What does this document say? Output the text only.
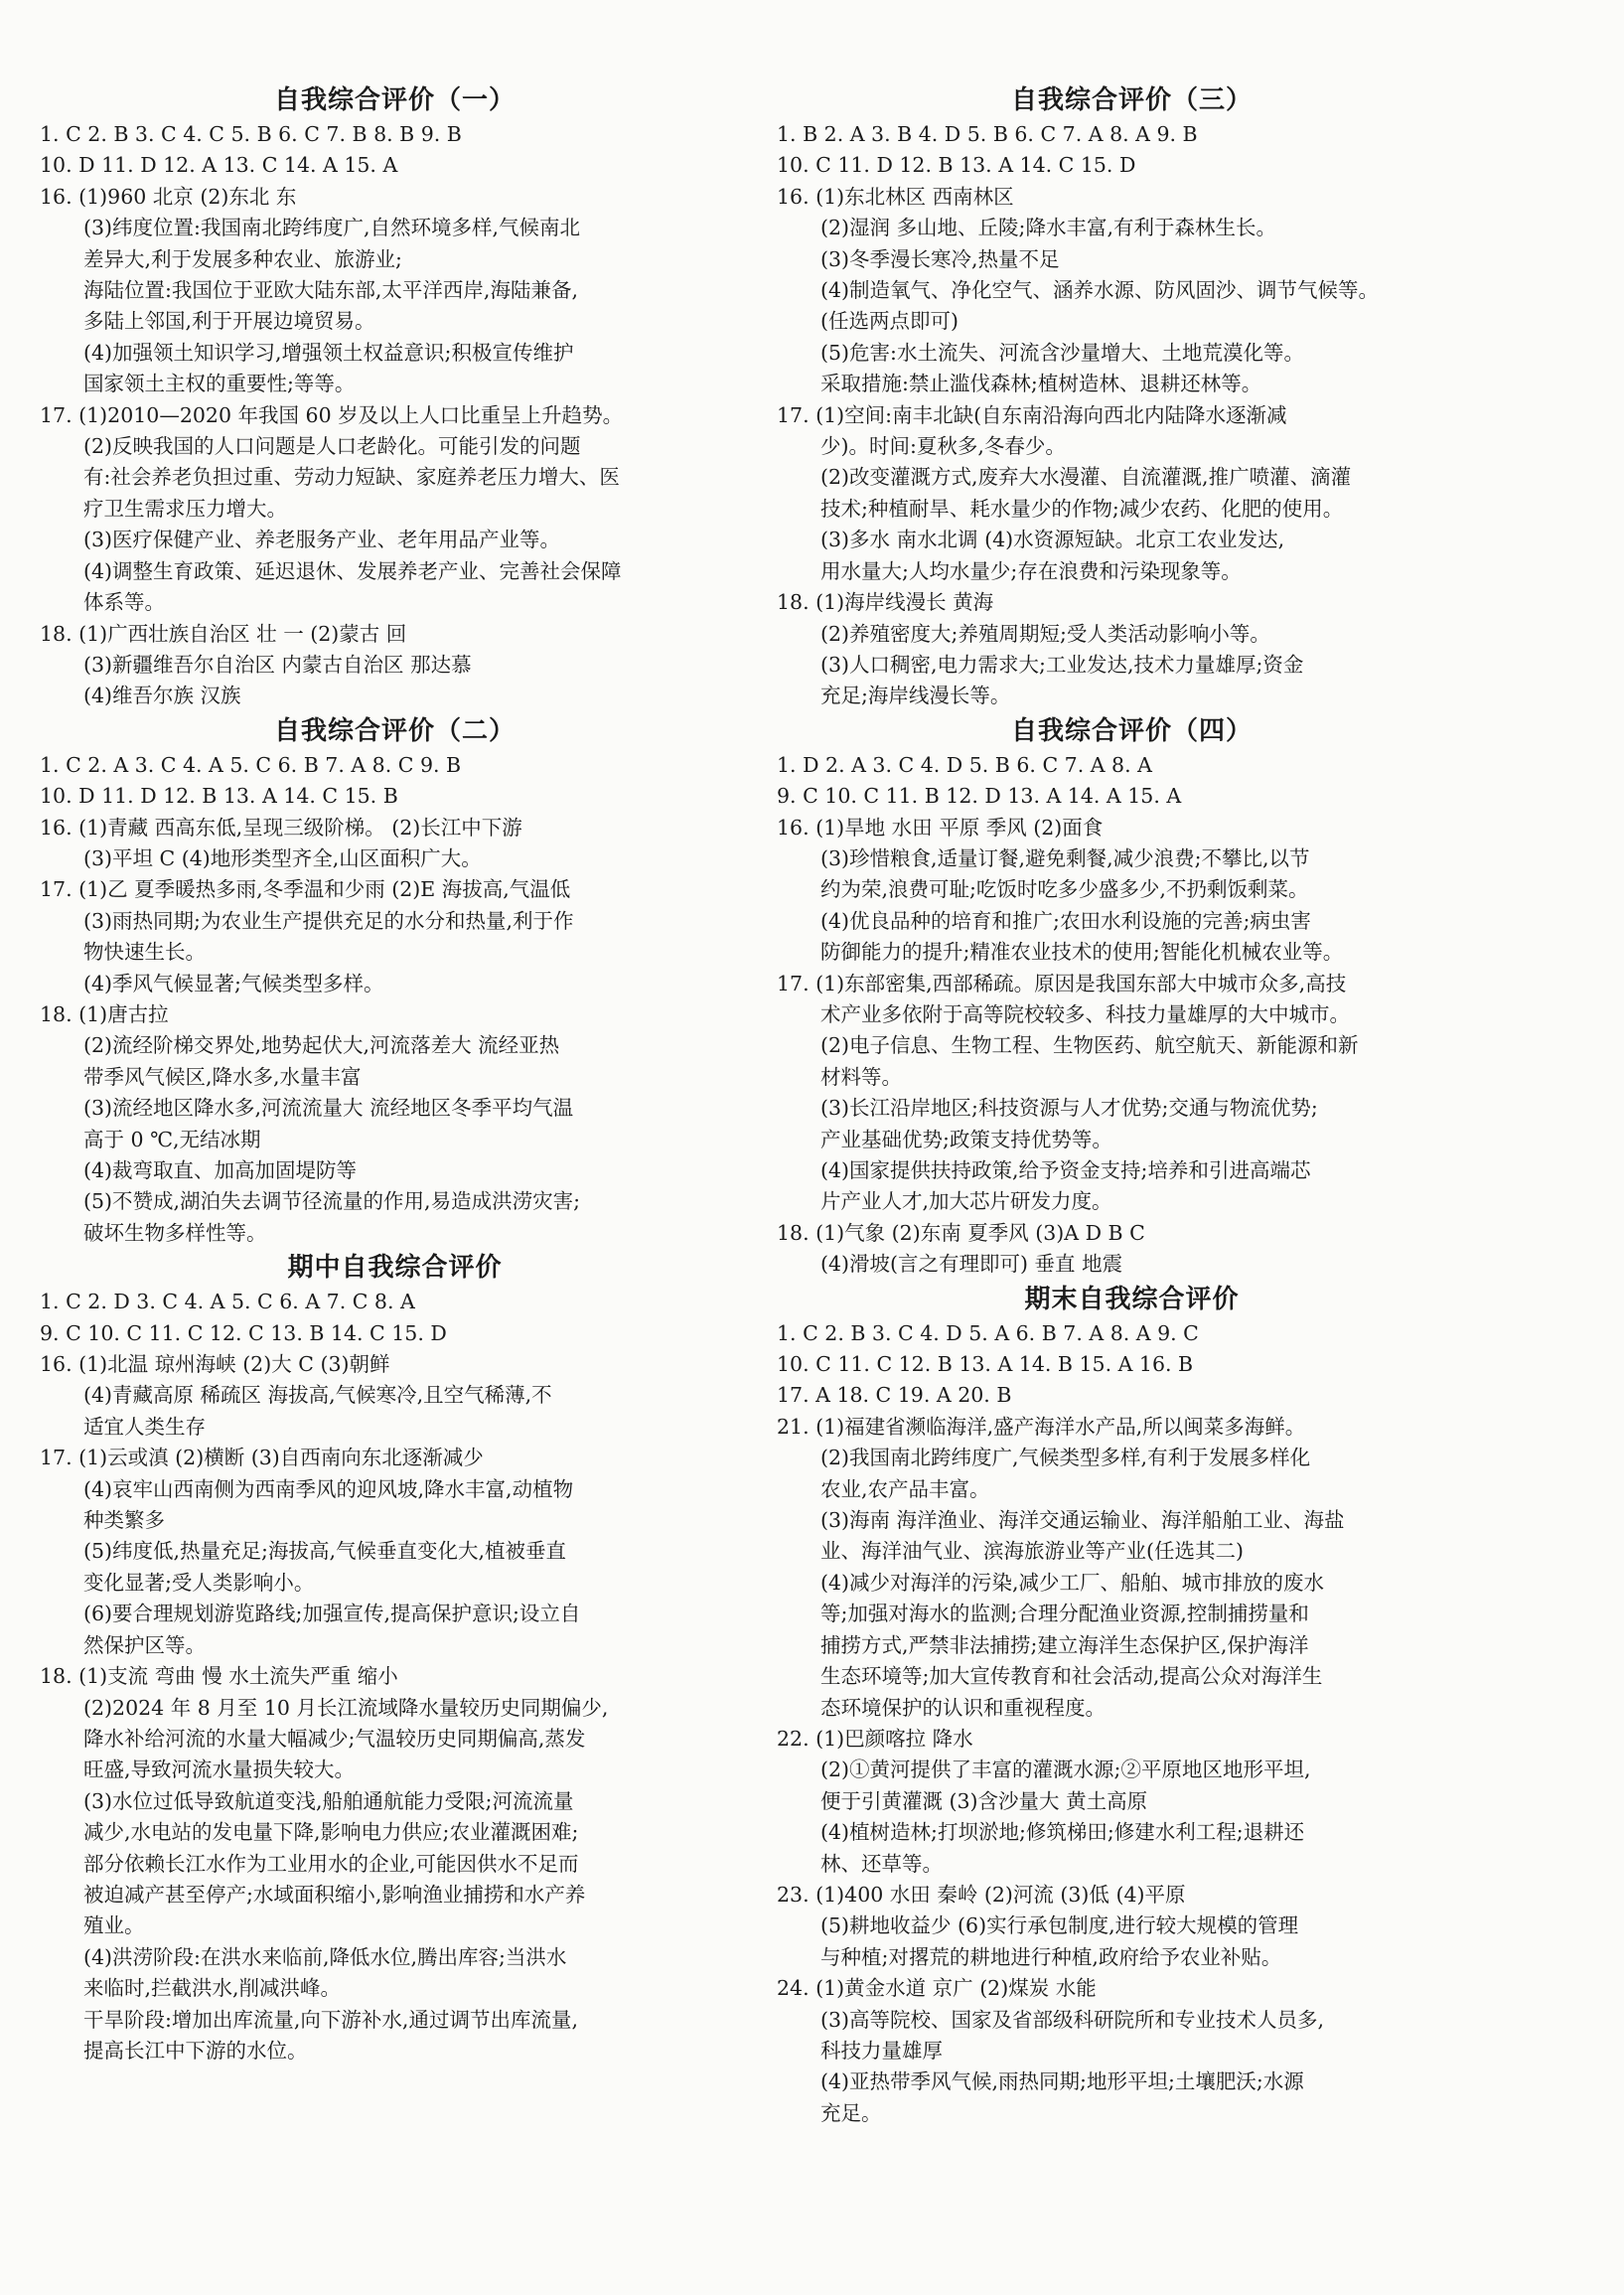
自我综合评价（一）
1. C 2. B 3. C 4. C 5. B 6. C 7. B 8. B 9. B
10. D 11. D 12. A 13. C 14. A 15. A
16. (1)960 北京 (2)东北 东
(3)纬度位置:我国南北跨纬度广,自然环境多样,气候南北
差异大,利于发展多种农业、旅游业;
海陆位置:我国位于亚欧大陆东部,太平洋西岸,海陆兼备,
多陆上邻国,利于开展边境贸易。
(4)加强领土知识学习,增强领土权益意识;积极宣传维护
国家领土主权的重要性;等等。
17. (1)2010—2020 年我国 60 岁及以上人口比重呈上升趋势。
(2)反映我国的人口问题是人口老龄化。可能引发的问题
有:社会养老负担过重、劳动力短缺、家庭养老压力增大、医
疗卫生需求压力增大。
(3)医疗保健产业、养老服务产业、老年用品产业等。
(4)调整生育政策、延迟退休、发展养老产业、完善社会保障
体系等。
18. (1)广西壮族自治区 壮 一 (2)蒙古 回
(3)新疆维吾尔自治区 内蒙古自治区 那达慕
(4)维吾尔族 汉族
自我综合评价（二）
1. C 2. A 3. C 4. A 5. C 6. B 7. A 8. C 9. B
10. D 11. D 12. B 13. A 14. C 15. B
16. (1)青藏 西高东低,呈现三级阶梯。 (2)长江中下游
(3)平坦 C (4)地形类型齐全,山区面积广大。
17. (1)乙 夏季暖热多雨,冬季温和少雨 (2)E 海拔高,气温低
(3)雨热同期;为农业生产提供充足的水分和热量,利于作
物快速生长。
(4)季风气候显著;气候类型多样。
18. (1)唐古拉
(2)流经阶梯交界处,地势起伏大,河流落差大 流经亚热
带季风气候区,降水多,水量丰富
(3)流经地区降水多,河流流量大 流经地区冬季平均气温
高于 0 ℃,无结冰期
(4)裁弯取直、加高加固堤防等
(5)不赞成,湖泊失去调节径流量的作用,易造成洪涝灾害;
破坏生物多样性等。
期中自我综合评价
1. C 2. D 3. C 4. A 5. C 6. A 7. C 8. A
9. C 10. C 11. C 12. C 13. B 14. C 15. D
16. (1)北温 琼州海峡 (2)大 C (3)朝鲜
(4)青藏高原 稀疏区 海拔高,气候寒冷,且空气稀薄,不
适宜人类生存
17. (1)云或滇 (2)横断 (3)自西南向东北逐渐减少
(4)哀牢山西南侧为西南季风的迎风坡,降水丰富,动植物
种类繁多
(5)纬度低,热量充足;海拔高,气候垂直变化大,植被垂直
变化显著;受人类影响小。
(6)要合理规划游览路线;加强宣传,提高保护意识;设立自
然保护区等。
18. (1)支流 弯曲 慢 水土流失严重 缩小
(2)2024 年 8 月至 10 月长江流域降水量较历史同期偏少,
降水补给河流的水量大幅减少;气温较历史同期偏高,蒸发
旺盛,导致河流水量损失较大。
(3)水位过低导致航道变浅,船舶通航能力受限;河流流量
减少,水电站的发电量下降,影响电力供应;农业灌溉困难;
部分依赖长江水作为工业用水的企业,可能因供水不足而
被迫减产甚至停产;水域面积缩小,影响渔业捕捞和水产养
殖业。
(4)洪涝阶段:在洪水来临前,降低水位,腾出库容;当洪水
来临时,拦截洪水,削减洪峰。
干旱阶段:增加出库流量,向下游补水,通过调节出库流量,
提高长江中下游的水位。
自我综合评价（三）
1. B 2. A 3. B 4. D 5. B 6. C 7. A 8. A 9. B
10. C 11. D 12. B 13. A 14. C 15. D
16. (1)东北林区 西南林区
(2)湿润 多山地、丘陵;降水丰富,有利于森林生长。
(3)冬季漫长寒冷,热量不足
(4)制造氧气、净化空气、涵养水源、防风固沙、调节气候等。
(任选两点即可)
(5)危害:水土流失、河流含沙量增大、土地荒漠化等。
采取措施:禁止滥伐森林;植树造林、退耕还林等。
17. (1)空间:南丰北缺(自东南沿海向西北内陆降水逐渐减
少)。时间:夏秋多,冬春少。
(2)改变灌溉方式,废弃大水漫灌、自流灌溉,推广喷灌、滴灌
技术;种植耐旱、耗水量少的作物;减少农药、化肥的使用。
(3)多水 南水北调 (4)水资源短缺。北京工农业发达,
用水量大;人均水量少;存在浪费和污染现象等。
18. (1)海岸线漫长 黄海
(2)养殖密度大;养殖周期短;受人类活动影响小等。
(3)人口稠密,电力需求大;工业发达,技术力量雄厚;资金
充足;海岸线漫长等。
自我综合评价（四）
1. D 2. A 3. C 4. D 5. B 6. C 7. A 8. A
9. C 10. C 11. B 12. D 13. A 14. A 15. A
16. (1)旱地 水田 平原 季风 (2)面食
(3)珍惜粮食,适量订餐,避免剩餐,减少浪费;不攀比,以节
约为荣,浪费可耻;吃饭时吃多少盛多少,不扔剩饭剩菜。
(4)优良品种的培育和推广;农田水利设施的完善;病虫害
防御能力的提升;精准农业技术的使用;智能化机械农业等。
17. (1)东部密集,西部稀疏。原因是我国东部大中城市众多,高技
术产业多依附于高等院校较多、科技力量雄厚的大中城市。
(2)电子信息、生物工程、生物医药、航空航天、新能源和新
材料等。
(3)长江沿岸地区;科技资源与人才优势;交通与物流优势;
产业基础优势;政策支持优势等。
(4)国家提供扶持政策,给予资金支持;培养和引进高端芯
片产业人才,加大芯片研发力度。
18. (1)气象 (2)东南 夏季风 (3)A D B C
(4)滑坡(言之有理即可) 垂直 地震
期末自我综合评价
1. C 2. B 3. C 4. D 5. A 6. B 7. A 8. A 9. C
10. C 11. C 12. B 13. A 14. B 15. A 16. B
17. A 18. C 19. A 20. B
21. (1)福建省濒临海洋,盛产海洋水产品,所以闽菜多海鲜。
(2)我国南北跨纬度广,气候类型多样,有利于发展多样化
农业,农产品丰富。
(3)海南 海洋渔业、海洋交通运输业、海洋船舶工业、海盐
业、海洋油气业、滨海旅游业等产业(任选其二)
(4)减少对海洋的污染,减少工厂、船舶、城市排放的废水
等;加强对海水的监测;合理分配渔业资源,控制捕捞量和
捕捞方式,严禁非法捕捞;建立海洋生态保护区,保护海洋
生态环境等;加大宣传教育和社会活动,提高公众对海洋生
态环境保护的认识和重视程度。
22. (1)巴颜喀拉 降水
(2)①黄河提供了丰富的灌溉水源;②平原地区地形平坦,
便于引黄灌溉 (3)含沙量大 黄土高原
(4)植树造林;打坝淤地;修筑梯田;修建水利工程;退耕还
林、还草等。
23. (1)400 水田 秦岭 (2)河流 (3)低 (4)平原
(5)耕地收益少 (6)实行承包制度,进行较大规模的管理
与种植;对撂荒的耕地进行种植,政府给予农业补贴。
24. (1)黄金水道 京广 (2)煤炭 水能
(3)高等院校、国家及省部级科研院所和专业技术人员多,
科技力量雄厚
(4)亚热带季风气候,雨热同期;地形平坦;土壤肥沃;水源
充足。
